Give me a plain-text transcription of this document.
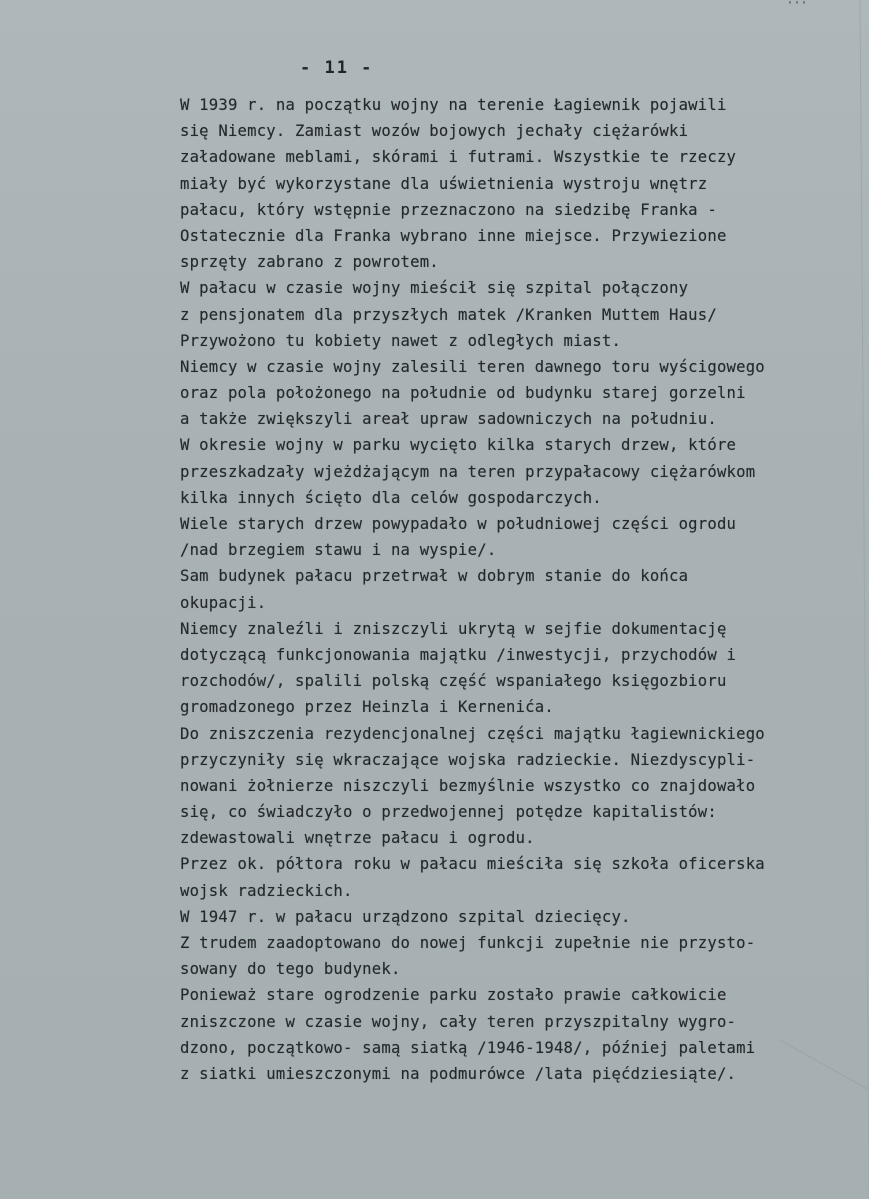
'''
- 11 -
W 1939 r. na początku wojny na terenie Łagiewnik pojawili
się Niemcy. Zamiast wozów bojowych jechały ciężarówki
załadowane meblami, skórami i futrami. Wszystkie te rzeczy
miały być wykorzystane dla uświetnienia wystroju wnętrz
pałacu, który wstępnie przeznaczono na siedzibę Franka -
Ostatecznie dla Franka wybrano inne miejsce. Przywiezione
sprzęty zabrano z powrotem.
W pałacu w czasie wojny mieścił się szpital połączony
z pensjonatem dla przyszłych matek /Kranken Muttem Haus/
Przywożono tu kobiety nawet z odległych miast.
Niemcy w czasie wojny zalesili teren dawnego toru wyścigowego
oraz pola położonego na południe od budynku starej gorzelni
a także zwiększyli areał upraw sadowniczych na południu.
W okresie wojny w parku wycięto kilka starych drzew, które
przeszkadzały wjeżdżającym na teren przypałacowy ciężarówkom
kilka innych ścięto dla celów gospodarczych.
Wiele starych drzew powypadało w południowej części ogrodu
/nad brzegiem stawu i na wyspie/.
Sam budynek pałacu przetrwał w dobrym stanie do końca
okupacji.
Niemcy znaleźli i zniszczyli ukrytą w sejfie dokumentację
dotyczącą funkcjonowania majątku /inwestycji, przychodów i
rozchodów/, spalili polską część wspaniałego księgozbioru
gromadzonego przez Heinzla i Kernenića.
Do zniszczenia rezydencjonalnej części majątku łagiewnickiego
przyczyniły się wkraczające wojska radzieckie. Niezdyscypli-
nowani żołnierze niszczyli bezmyślnie wszystko co znajdowało
się, co świadczyło o przedwojennej potędze kapitalistów:
zdewastowali wnętrze pałacu i ogrodu.
Przez ok. półtora roku w pałacu mieściła się szkoła oficerska
wojsk radzieckich.
W 1947 r. w pałacu urządzono szpital dziecięcy.
Z trudem zaadoptowano do nowej funkcji zupełnie nie przysto-
sowany do tego budynek.
Ponieważ stare ogrodzenie parku zostało prawie całkowicie
zniszczone w czasie wojny, cały teren przyszpitalny wygro-
dzono, początkowo- samą siatką /1946-1948/, później paletami
z siatki umieszczonymi na podmurówce /lata pięćdziesiąte/.
